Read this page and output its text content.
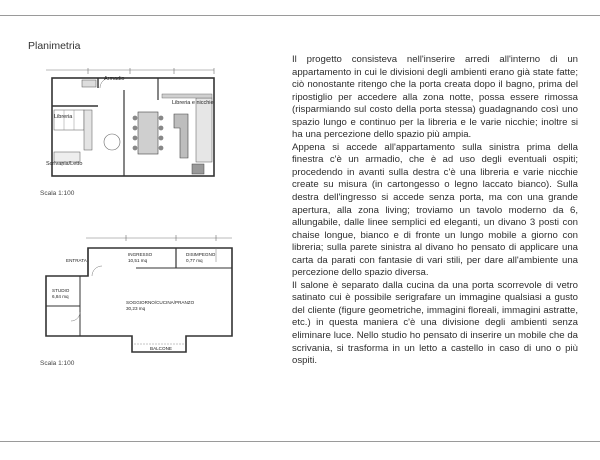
Planimetria
Armadio
Libreria e nicchie
Libreria
Scrivania/Letto
Scala 1:100
ENTRATA
INGRESSO
10,51 mq
DISIMPEGNO
0,77 mq
STUDIO
6,84 mq
SOGGIORNO/CUCINA/PRANZO
30,23 mq
BALCONE
Scala 1:100

Il progetto consisteva nell'inserire arredi all'interno di un appartamento in cui le divisioni degli ambienti erano già state fatte; ciò nonostante ritengo che la porta creata dopo il bagno, prima del ripostiglio per accedere alla zona notte, possa essere rimossa (risparmiando sul costo della porta stessa) guadagnando così uno spazio lungo e continuo per la libreria e le varie nicchie; inoltre si ha una percezione dello spazio più ampia.

Appena si accede all'appartamento sulla sinistra prima della finestra c'è un armadio, che è ad uso degli eventuali ospiti; procedendo in avanti sulla destra c'è una libreria e varie nicchie create su misura (in cartongesso o legno laccato bianco). Sulla destra dell'ingresso si accede senza porta, ma con una grande apertura, alla zona living; troviamo un tavolo moderno da 6, allungabile, dalle linee semplici ed eleganti, un divano 3 posti con chaise longue, bianco e di fronte un lungo mobile a giorno con libreria; sulla parete sinistra al divano ho pensato di applicare una carta da parati con fantasie di vari stili, per dare all'ambiente una percezione dello spazio diversa.

Il salone è separato dalla cucina da una porta scorrevole di vetro satinato cui è possibile serigrafare un immagine qualsiasi a gusto del cliente (figure geometriche, immagini floreali, immagini astratte, etc.) in questa maniera c'è una divisione degli ambienti senza eliminare luce. Nello studio ho pensato di inserire un mobile che da scrivania, si trasforma in un letto a castello in caso di uno o più ospiti.
